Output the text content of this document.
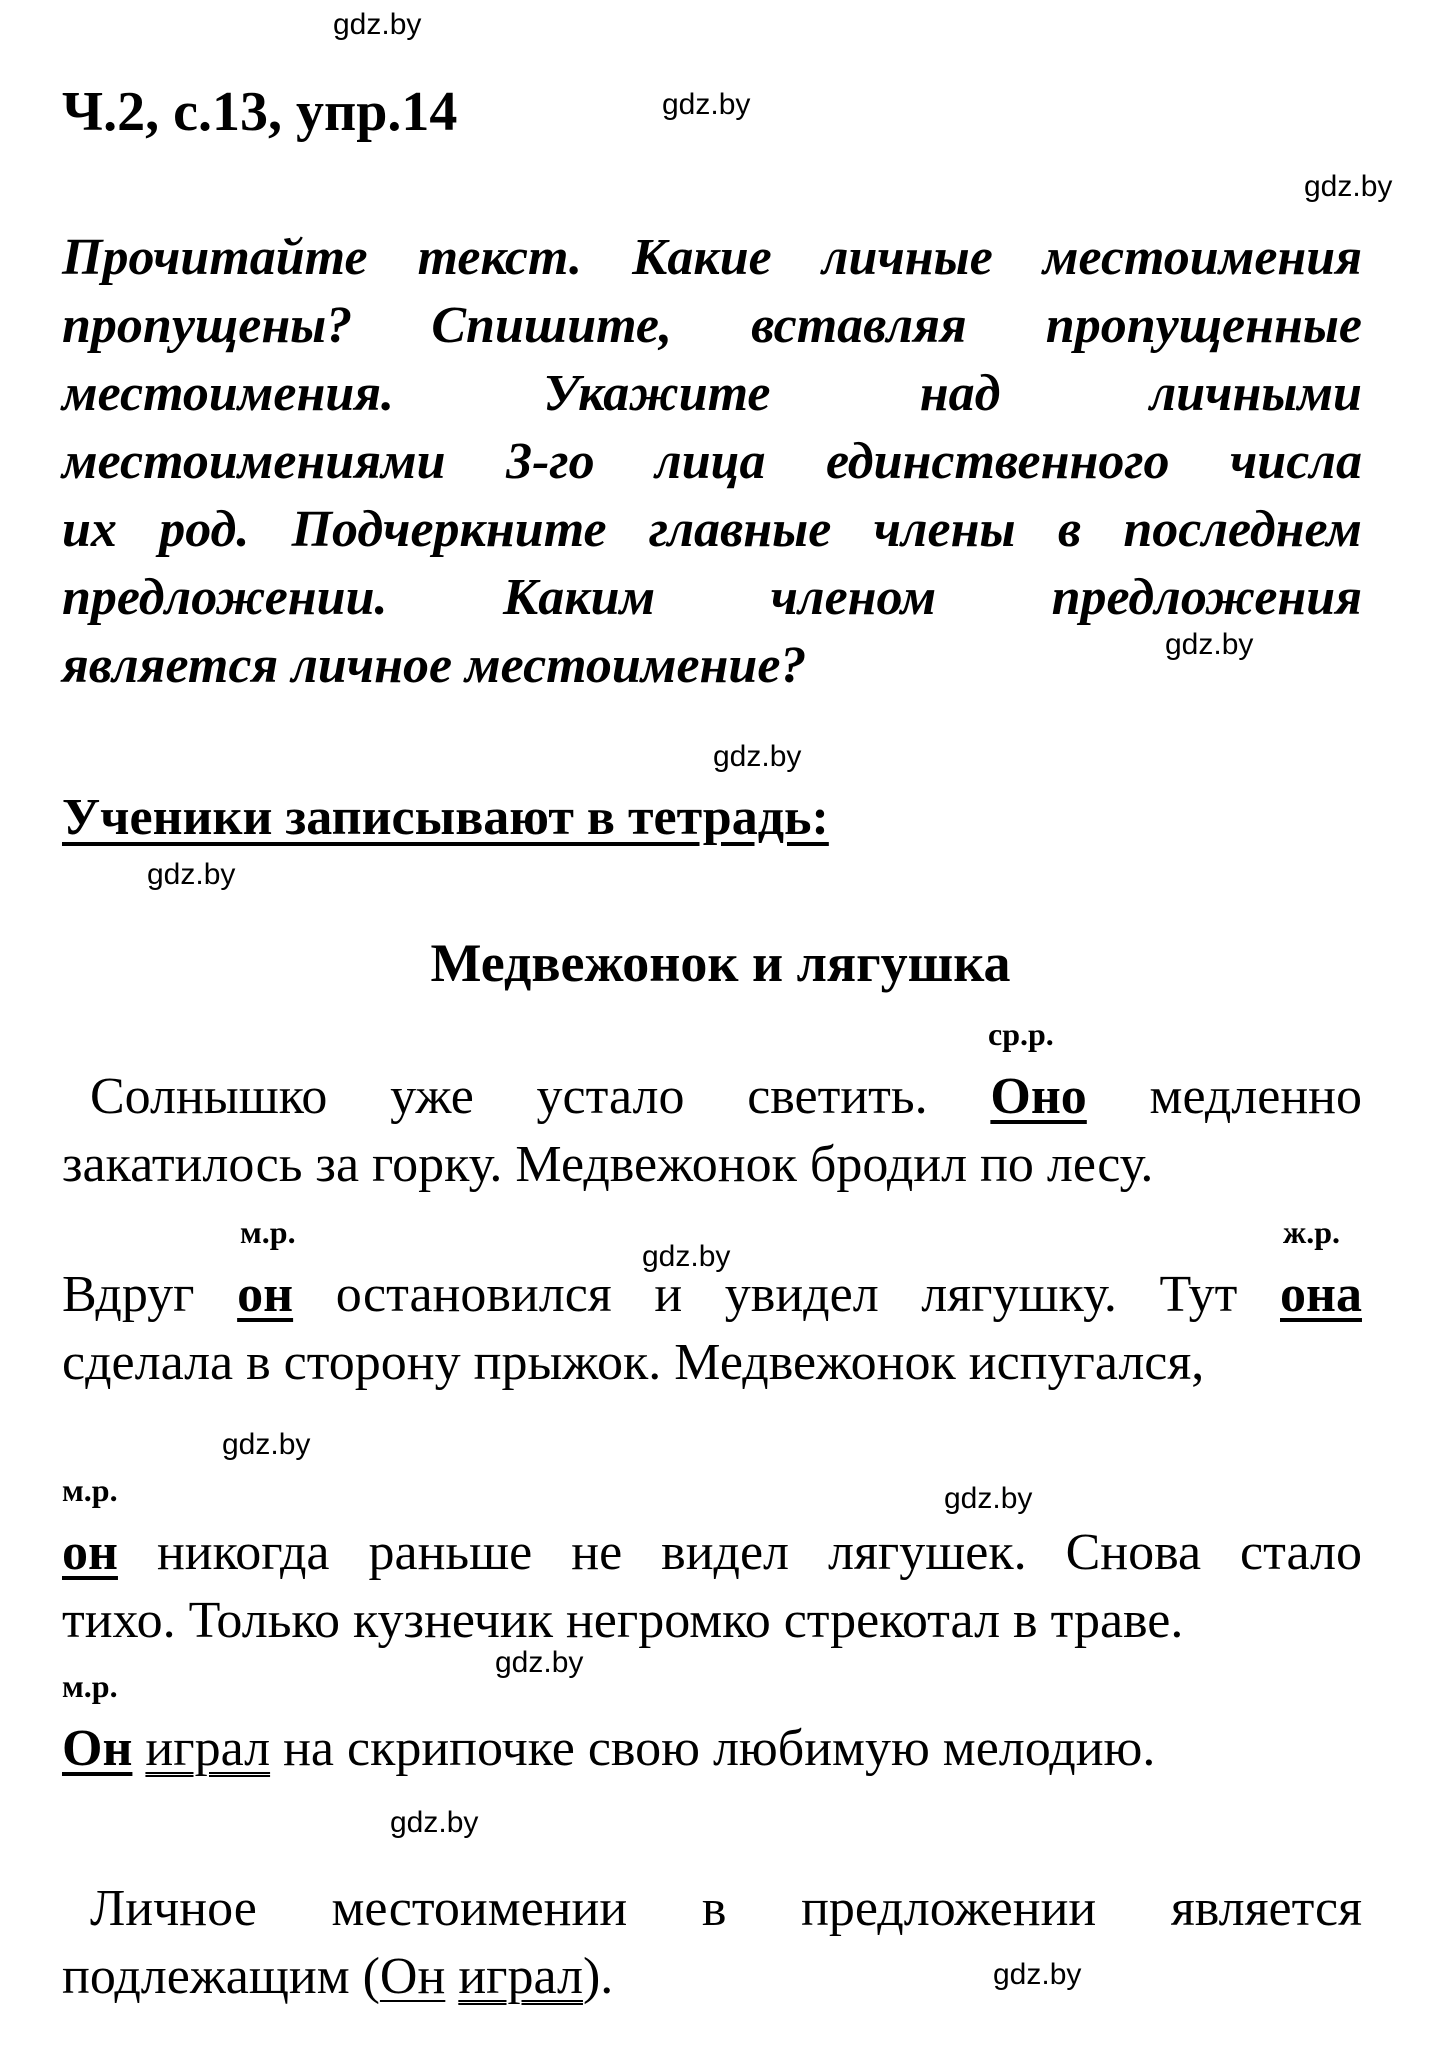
gdz.by
gdz.by
gdz.by
gdz.by
gdz.by
gdz.by
gdz.by
gdz.by
gdz.by
gdz.by
gdz.by
gdz.by
Ч.2, с.13, упр.14
Прочитайте текст. Какие личные местоимения
пропущены? Спишите, вставляя пропущенные
местоимения.	Укажите	над	личными
местоимениями 3-го лица единственного числа
их род. Подчеркните главные члены в последнем
предложении. Каким членом предложения
является личное местоимение?
Ученики записывают в тетрадь:
Медвежонок и лягушка
ср.р.
м.р.	ж.р.
м.р.
м.р.
Солнышко уже устало светить. Оно медленно
закатилось за горку. Медвежонок бродил по лесу.
Вдруг он остановился и увидел лягушку. Тут она
сделала в сторону прыжок. Медвежонок испугался,
он никогда раньше не видел лягушек. Снова стало
тихо. Только кузнечик негромко стрекотал в траве.
Он играл на скрипочке свою любимую мелодию.
Личное местоимении в предложении является
подлежащим (Он играл).
